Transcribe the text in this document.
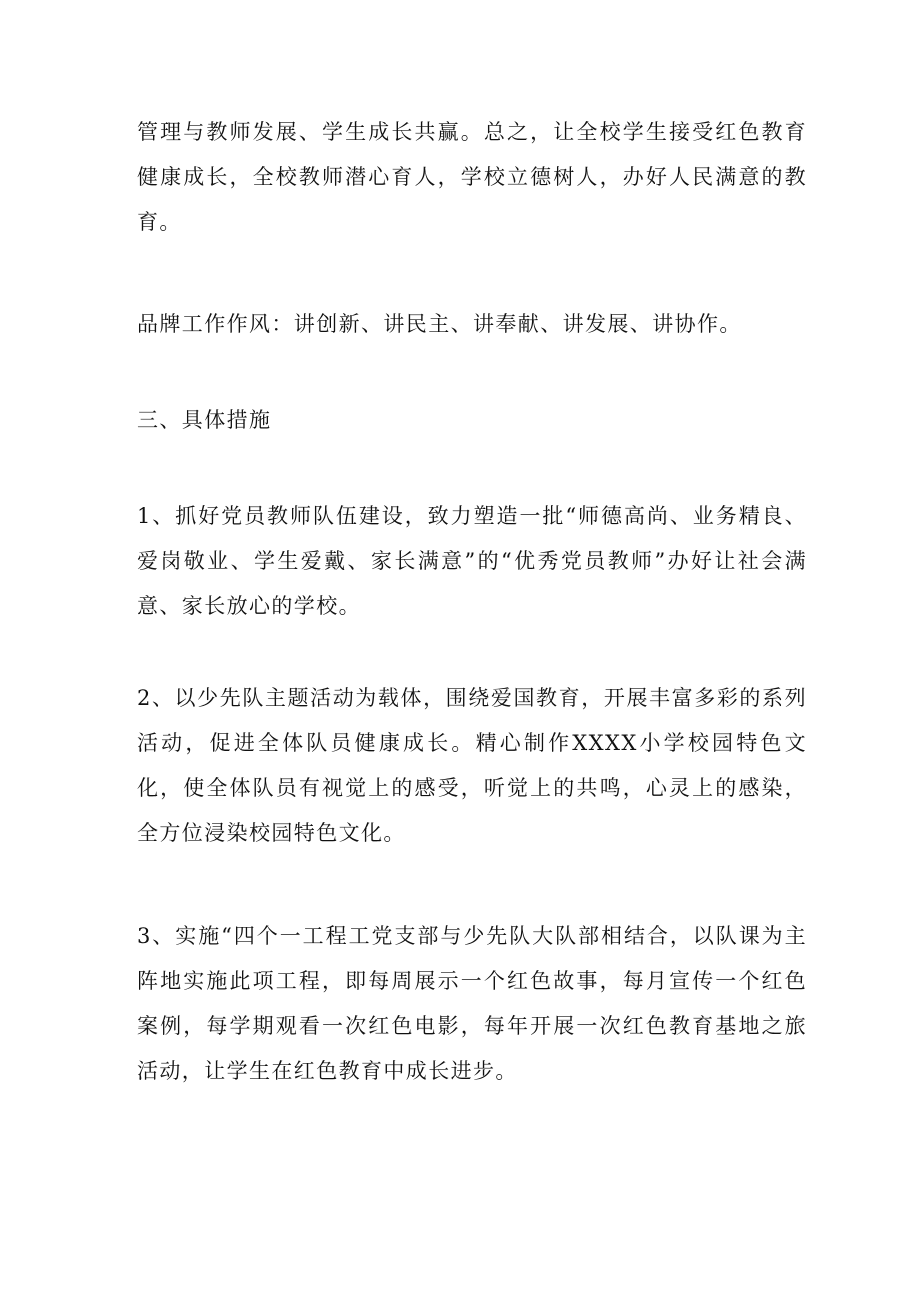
管理与教师发展、学生成长共赢。总之，让全校学生接受红色教育健康成长，全校教师潜心育人，学校立德树人，办好人民满意的教育。

品牌工作作风：讲创新、讲民主、讲奉献、讲发展、讲协作。

三、具体措施

1、抓好党员教师队伍建设，致力塑造一批“师德高尚、业务精良、爱岗敬业、学生爱戴、家长满意”的“优秀党员教师”办好让社会满意、家长放心的学校。

2、以少先队主题活动为载体，围绕爱国教育，开展丰富多彩的系列活动，促进全体队员健康成长。精心制作XXXX小学校园特色文化，使全体队员有视觉上的感受，听觉上的共鸣，心灵上的感染，全方位浸染校园特色文化。

3、实施“四个一工程工党支部与少先队大队部相结合，以队课为主阵地实施此项工程，即每周展示一个红色故事，每月宣传一个红色案例，每学期观看一次红色电影，每年开展一次红色教育基地之旅活动，让学生在红色教育中成长进步。
